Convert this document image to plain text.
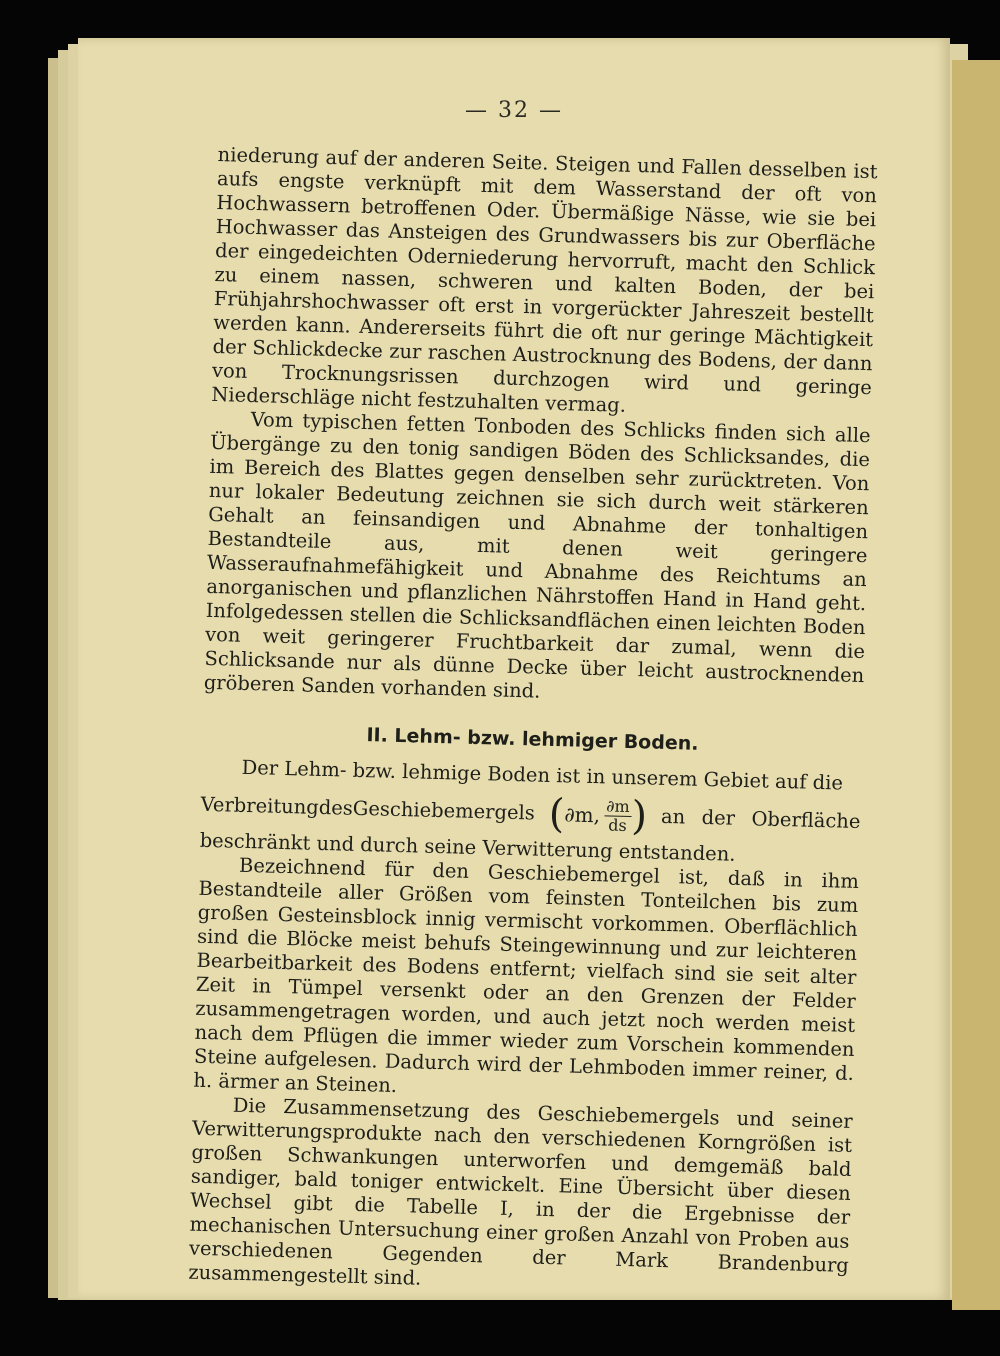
— 32 —

niederung auf der anderen Seite. Steigen und Fallen desselben ist aufs engste verknüpft mit dem Wasserstand der oft von Hochwassern betroffenen Oder. Übermäßige Nässe, wie sie bei Hochwasser das Ansteigen des Grundwassers bis zur Oberfläche der eingedeichten Oderniederung hervorruft, macht den Schlick zu einem nassen, schweren und kalten Boden, der bei Frühjahrshochwasser oft erst in vorgerückter Jahreszeit bestellt werden kann. Andererseits führt die oft nur geringe Mächtigkeit der Schlickdecke zur raschen Austrocknung des Bodens, der dann von Trocknungsrissen durchzogen wird und geringe Niederschläge nicht festzuhalten vermag.

Vom typischen fetten Tonboden des Schlicks finden sich alle Übergänge zu den tonig sandigen Böden des Schlicksandes, die im Bereich des Blattes gegen denselben sehr zurücktreten. Von nur lokaler Bedeutung zeichnen sie sich durch weit stärkeren Gehalt an feinsandigen und Abnahme der tonhaltigen Bestandteile aus, mit denen weit geringere Wasseraufnahmefähigkeit und Abnahme des Reichtums an anorganischen und pflanzlichen Nährstoffen Hand in Hand geht. Infolgedessen stellen die Schlicksandflächen einen leichten Boden von weit geringerer Fruchtbarkeit dar zumal, wenn die Schlicksande nur als dünne Decke über leicht austrocknenden gröberen Sanden vorhanden sind.

II. Lehm- bzw. lehmiger Boden.

Der Lehm- bzw. lehmige Boden ist in unserem Gebiet auf die

Verbreitung des Geschiebemergels ( ∂m, $\frac{\partial m}{ds}$
) an der Oberfläche

beschränkt und durch seine Verwitterung entstanden.

Bezeichnend für den Geschiebemergel ist, daß in ihm Bestandteile aller Größen vom feinsten Tonteilchen bis zum großen Gesteinsblock innig vermischt vorkommen. Oberflächlich sind die Blöcke meist behufs Steingewinnung und zur leichteren Bearbeitbarkeit des Bodens entfernt; vielfach sind sie seit alter Zeit in Tümpel versenkt oder an den Grenzen der Felder zusammengetragen worden, und auch jetzt noch werden meist nach dem Pflügen die immer wieder zum Vorschein kommenden Steine aufgelesen. Dadurch wird der Lehmboden immer reiner, d. h. ärmer an Steinen.

Die Zusammensetzung des Geschiebemergels und seiner Verwitterungsprodukte nach den verschiedenen Korngrößen ist großen Schwankungen unterworfen und demgemäß bald sandiger, bald toniger entwickelt. Eine Übersicht über diesen Wechsel gibt die Tabelle I, in der die Ergebnisse der mechanischen Untersuchung einer großen Anzahl von Proben aus verschiedenen Gegenden der Mark Brandenburg zusammengestellt sind.
